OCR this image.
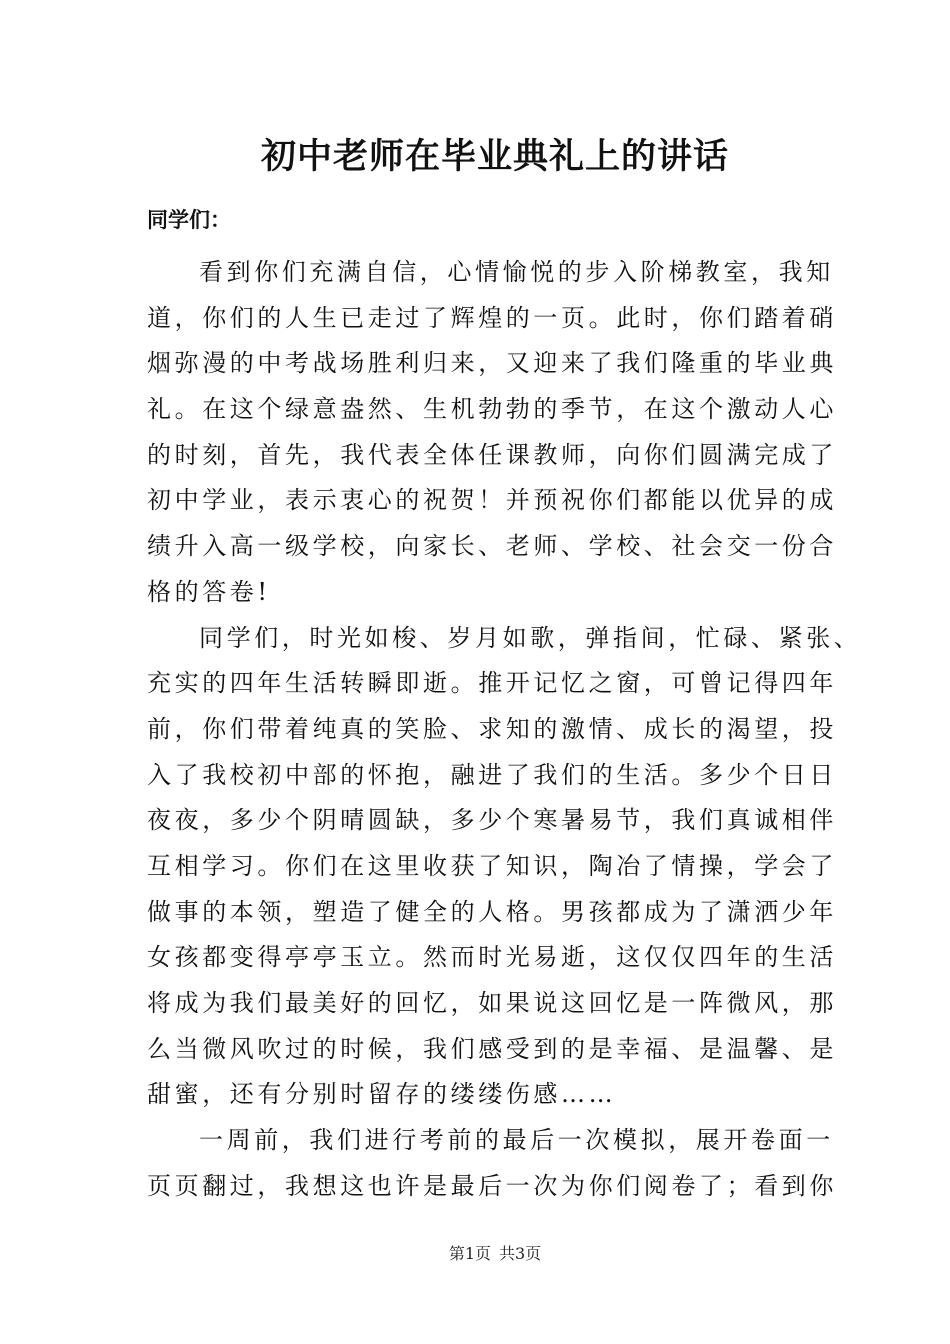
初中老师在毕业典礼上的讲话
同学们：
看到你们充满自信，心情愉悦的步入阶梯教室，我知
道，你们的人生已走过了辉煌的一页。此时，你们踏着硝
烟弥漫的中考战场胜利归来，又迎来了我们隆重的毕业典
礼。在这个绿意盎然、生机勃勃的季节，在这个激动人心
的时刻，首先，我代表全体任课教师，向你们圆满完成了
初中学业，表示衷心的祝贺！并预祝你们都能以优异的成
绩升入高一级学校，向家长、老师、学校、社会交一份合
格的答卷!
同学们，时光如梭、岁月如歌，弹指间，忙碌、紧张、
充实的四年生活转瞬即逝。推开记忆之窗，可曾记得四年
前，你们带着纯真的笑脸、求知的激情、成长的渴望，投
入了我校初中部的怀抱，融进了我们的生活。多少个日日
夜夜，多少个阴晴圆缺，多少个寒暑易节，我们真诚相伴
互相学习。你们在这里收获了知识，陶冶了情操，学会了
做事的本领，塑造了健全的人格。男孩都成为了潇洒少年
女孩都变得亭亭玉立。然而时光易逝，这仅仅四年的生活
将成为我们最美好的回忆，如果说这回忆是一阵微风，那
么当微风吹过的时候，我们感受到的是幸福、是温馨、是
甜蜜，还有分别时留存的缕缕伤感……
一周前，我们进行考前的最后一次模拟，展开卷面一
页页翻过，我想这也许是最后一次为你们阅卷了；看到你
第1页 共3页
